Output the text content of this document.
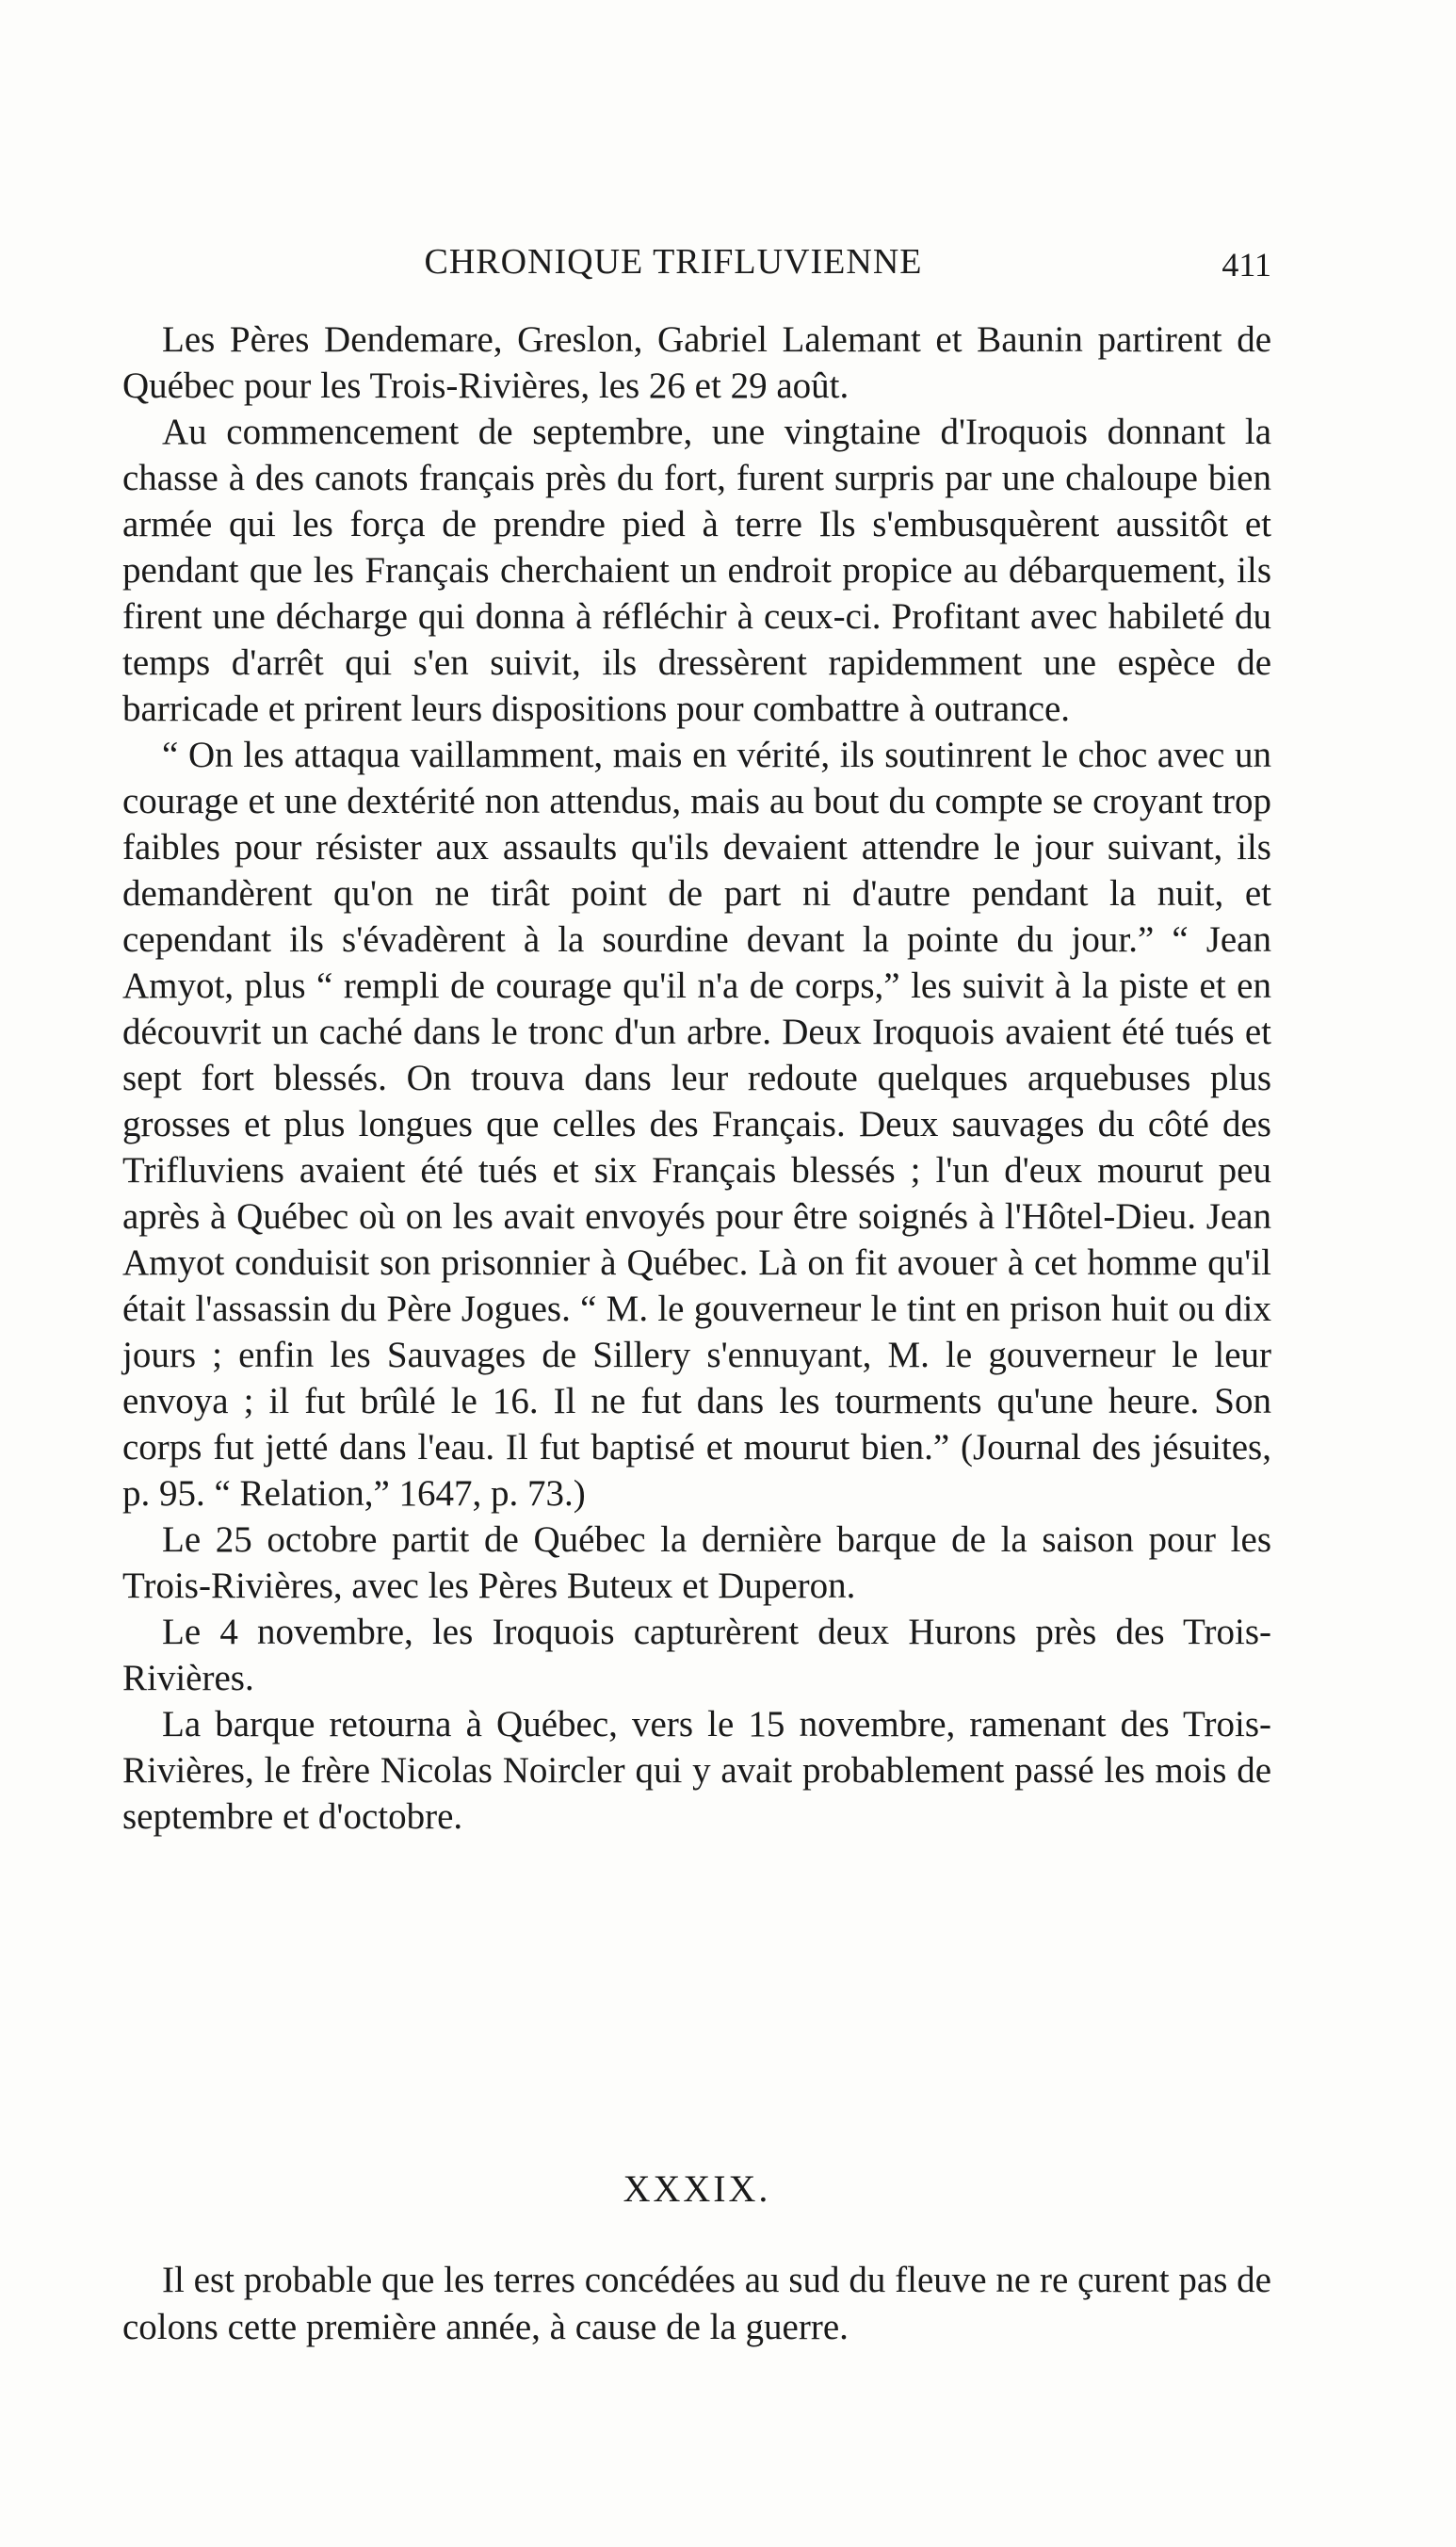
CHRONIQUE TRIFLUVIENNE	411

Les Pères Dendemare, Greslon, Gabriel Lalemant et Baunin partirent de Québec pour les Trois-Rivières, les 26 et 29 août.

Au commencement de septembre, une vingtaine d'Iroquois donnant la chasse à des canots français près du fort, furent surpris par une chaloupe bien armée qui les força de prendre pied à terre Ils s'embusquèrent aussitôt et pendant que les Français cherchaient un endroit propice au débarquement, ils firent une décharge qui donna à réfléchir à ceux-ci. Profitant avec habileté du temps d'arrêt qui s'en suivit, ils dressèrent rapidemment une espèce de barricade et prirent leurs dispositions pour combattre à outrance.

“ On les attaqua vaillamment, mais en vérité, ils soutinrent le choc avec un courage et une dextérité non attendus, mais au bout du compte se croyant trop faibles pour résister aux assaults qu'ils devaient attendre le jour suivant, ils demandèrent qu'on ne tirât point de part ni d'autre pendant la nuit, et cependant ils s'évadèrent à la sourdine devant la pointe du jour.” “ Jean Amyot, plus “ rempli de courage qu'il n'a de corps,” les suivit à la piste et en découvrit un caché dans le tronc d'un arbre. Deux Iroquois avaient été tués et sept fort blessés. On trouva dans leur redoute quelques arquebuses plus grosses et plus longues que celles des Français. Deux sauvages du côté des Trifluviens avaient été tués et six Français blessés ; l'un d'eux mourut peu après à Québec où on les avait envoyés pour être soignés à l'Hôtel-Dieu. Jean Amyot conduisit son prisonnier à Québec. Là on fit avouer à cet homme qu'il était l'assassin du Père Jogues. “ M. le gouverneur le tint en prison huit ou dix jours ; enfin les Sauvages de Sillery s'ennuyant, M. le gouverneur le leur envoya ; il fut brûlé le 16. Il ne fut dans les tourments qu'une heure. Son corps fut jetté dans l'eau. Il fut baptisé et mourut bien.” (Journal des jésuites, p. 95. “ Relation,” 1647, p. 73.)

Le 25 octobre partit de Québec la dernière barque de la saison pour les Trois-Rivières, avec les Pères Buteux et Duperon.

Le 4 novembre, les Iroquois capturèrent deux Hurons près des Trois-Rivières.

La barque retourna à Québec, vers le 15 novembre, ramenant des Trois-Rivières, le frère Nicolas Noircler qui y avait probablement passé les mois de septembre et d'octobre.

XXXIX.

Il est probable que les terres concédées au sud du fleuve ne re çurent pas de colons cette première année, à cause de la guerre.
